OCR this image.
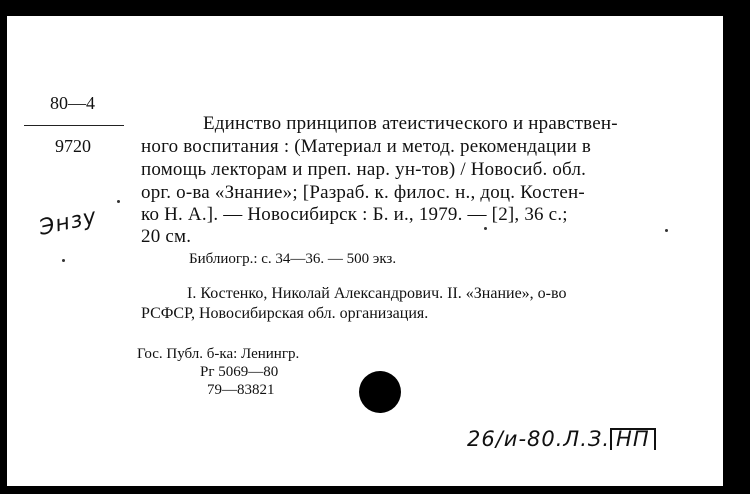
80—4
9720
Энзу
Единство принципов атеистического и нравствен-
ного воспитания : (Материал и метод. рекомендации в
помощь лекторам и преп. нар. ун-тов) / Новосиб. обл.
орг. о-ва «Знание»; [Разраб. к. филос. н., доц. Костен-
ко Н. А.]. — Новосибирск : Б. и., 1979. — [2], 36 с.;
20 см.
Библиогр.: с. 34—36. — 500 экз.
I. Костенко, Николай Александрович. II. «Знание», о-во
РСФСР, Новосибирская обл. организация.
Гос. Публ. б-ка: Ленингр.
Рг 5069—80
79—83821
26/и-80.Л.З. НП
